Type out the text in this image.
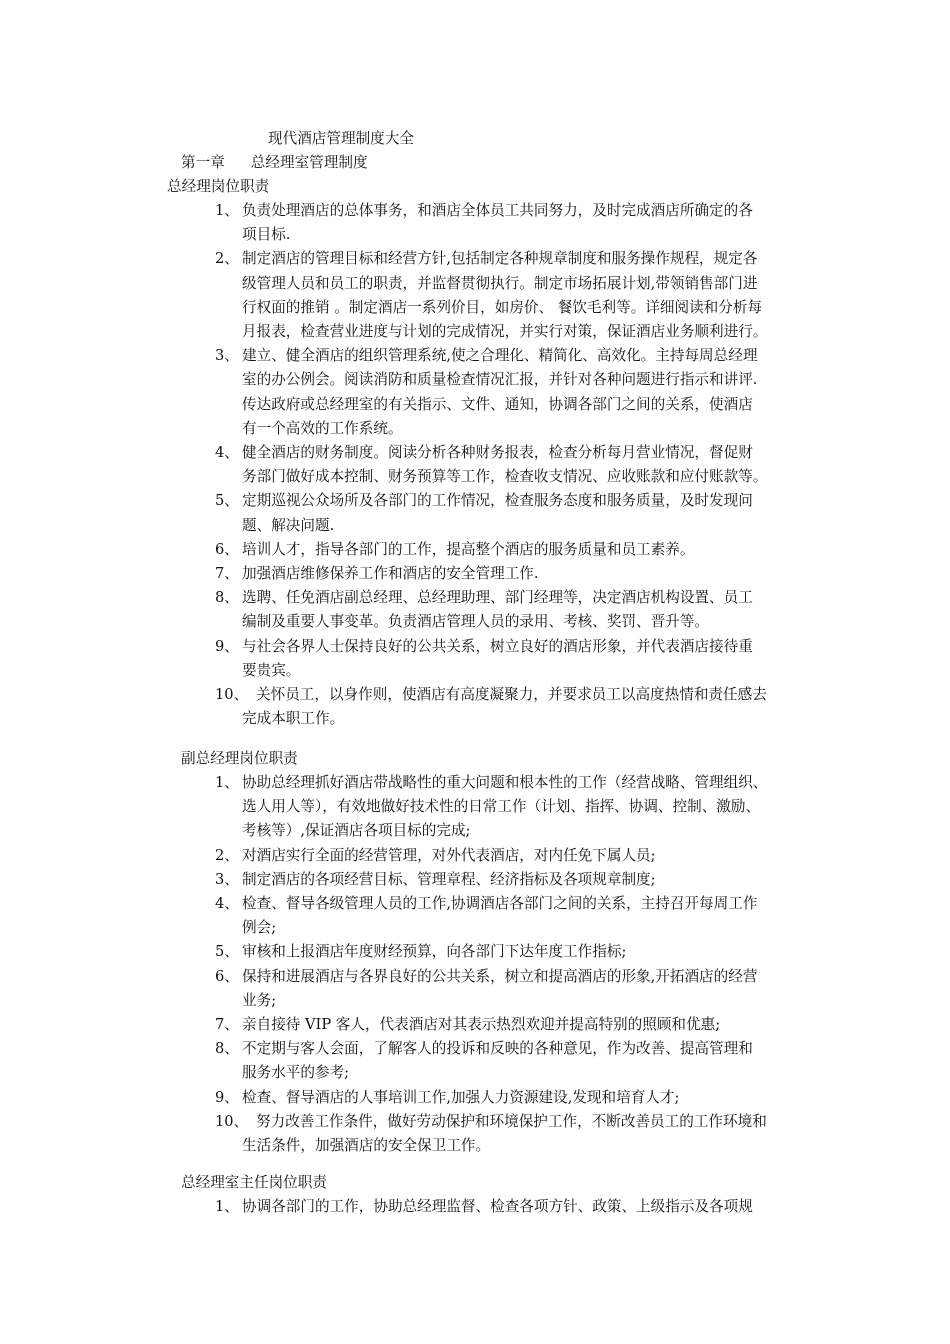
现代酒店管理制度大全
第一章 总经理室管理制度
总经理岗位职责
1、 负责处理酒店的总体事务，和酒店全体员工共同努力，及时完成酒店所确定的各
项目标.
2、 制定酒店的管理目标和经营方针,包括制定各种规章制度和服务操作规程，规定各
级管理人员和员工的职责，并监督贯彻执行。制定市场拓展计划,带领销售部门进
行权面的推销 。制定酒店一系列价目，如房价、 餐饮毛利等。详细阅读和分析每
月报表，检查营业进度与计划的完成情况，并实行对策，保证酒店业务顺利进行。
3、 建立、健全酒店的组织管理系统,使之合理化、精简化、高效化。主持每周总经理
室的办公例会。阅读消防和质量检查情况汇报，并针对各种问题进行指示和讲评.
传达政府或总经理室的有关指示、文件、通知，协调各部门之间的关系，使酒店
有一个高效的工作系统。
4、 健全酒店的财务制度。阅读分析各种财务报表，检查分析每月营业情况，督促财
务部门做好成本控制、财务预算等工作，检查收支情况、应收账款和应付账款等。
5、 定期巡视公众场所及各部门的工作情况，检查服务态度和服务质量，及时发现问
题、解决问题.
6、 培训人才，指导各部门的工作，提高整个酒店的服务质量和员工素养。
7、 加强酒店维修保养工作和酒店的安全管理工作.
8、 选聘、任免酒店副总经理、总经理助理、部门经理等，决定酒店机构设置、员工
编制及重要人事变革。负责酒店管理人员的录用、考核、奖罚、晋升等。
9、 与社会各界人士保持良好的公共关系，树立良好的酒店形象，并代表酒店接待重
要贵宾。
10、 关怀员工，以身作则，使酒店有高度凝聚力，并要求员工以高度热情和责任感去
完成本职工作。
副总经理岗位职责
1、 协助总经理抓好酒店带战略性的重大问题和根本性的工作（经营战略、管理组织、
选人用人等），有效地做好技术性的日常工作（计划、指挥、协调、控制、激励、
考核等）,保证酒店各项目标的完成;
2、 对酒店实行全面的经营管理，对外代表酒店，对内任免下属人员;
3、 制定酒店的各项经营目标、管理章程、经济指标及各项规章制度;
4、 检查、督导各级管理人员的工作,协调酒店各部门之间的关系，主持召开每周工作
例会;
5、 审核和上报酒店年度财经预算，向各部门下达年度工作指标;
6、 保持和进展酒店与各界良好的公共关系，树立和提高酒店的形象,开拓酒店的经营
业务;
7、 亲自接待 VIP 客人，代表酒店对其表示热烈欢迎并提高特别的照顾和优惠;
8、 不定期与客人会面，了解客人的投诉和反映的各种意见，作为改善、提高管理和
服务水平的参考;
9、 检查、督导酒店的人事培训工作,加强人力资源建设,发现和培育人才;
10、 努力改善工作条件，做好劳动保护和环境保护工作，不断改善员工的工作环境和
生活条件，加强酒店的安全保卫工作。
总经理室主任岗位职责
1、 协调各部门的工作，协助总经理监督、检查各项方针、政策、上级指示及各项规
